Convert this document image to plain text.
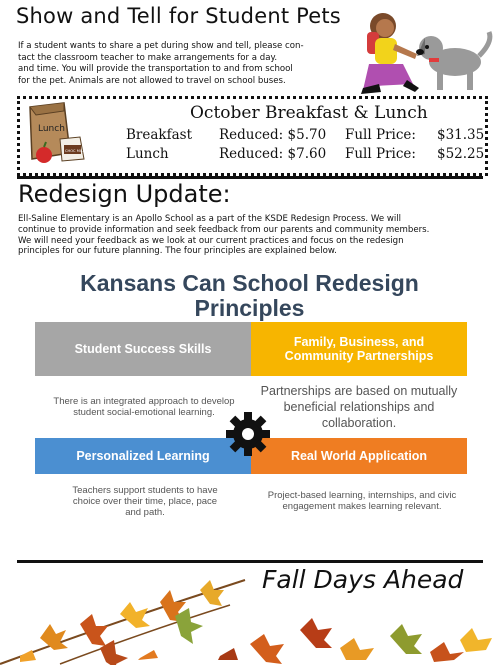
Show and Tell for Student Pets

If a student wants to share a pet during show and tell, please con-

tact the classroom teacher to make arrangements for a day.

and time. You will provide the transportation to and from school

for the pet. Animals are not allowed to travel on school buses.

Lunch
CHOC MILK
October Breakfast & Lunch
Breakfast Reduced: $5.70 Full Price: $31.35
Lunch	Reduced: $7.60 Full Price: $52.25
Redesign Update:

Ell-Saline Elementary is an Apollo School as a part of the KSDE Redesign Process. We will

continue to provide information and seek feedback from our parents and community members.

We will need your feedback as we look at our current practices and focus on the redesign

principles for our future planning. The four principles are explained below.

Kansans Can School Redesign
Principles
Student Success Skills	Family, Business, and Community Partnerships
There is an integrated approach to develop student social-emotional learning.
Partnerships are based on mutually beneficial relationships and collaboration.
Personalized Learning	Real World Application
Teachers support students to have choice over their time, place, pace and path.
Project-based learning, internships, and civic engagement makes learning relevant.
Fall Days Ahead
